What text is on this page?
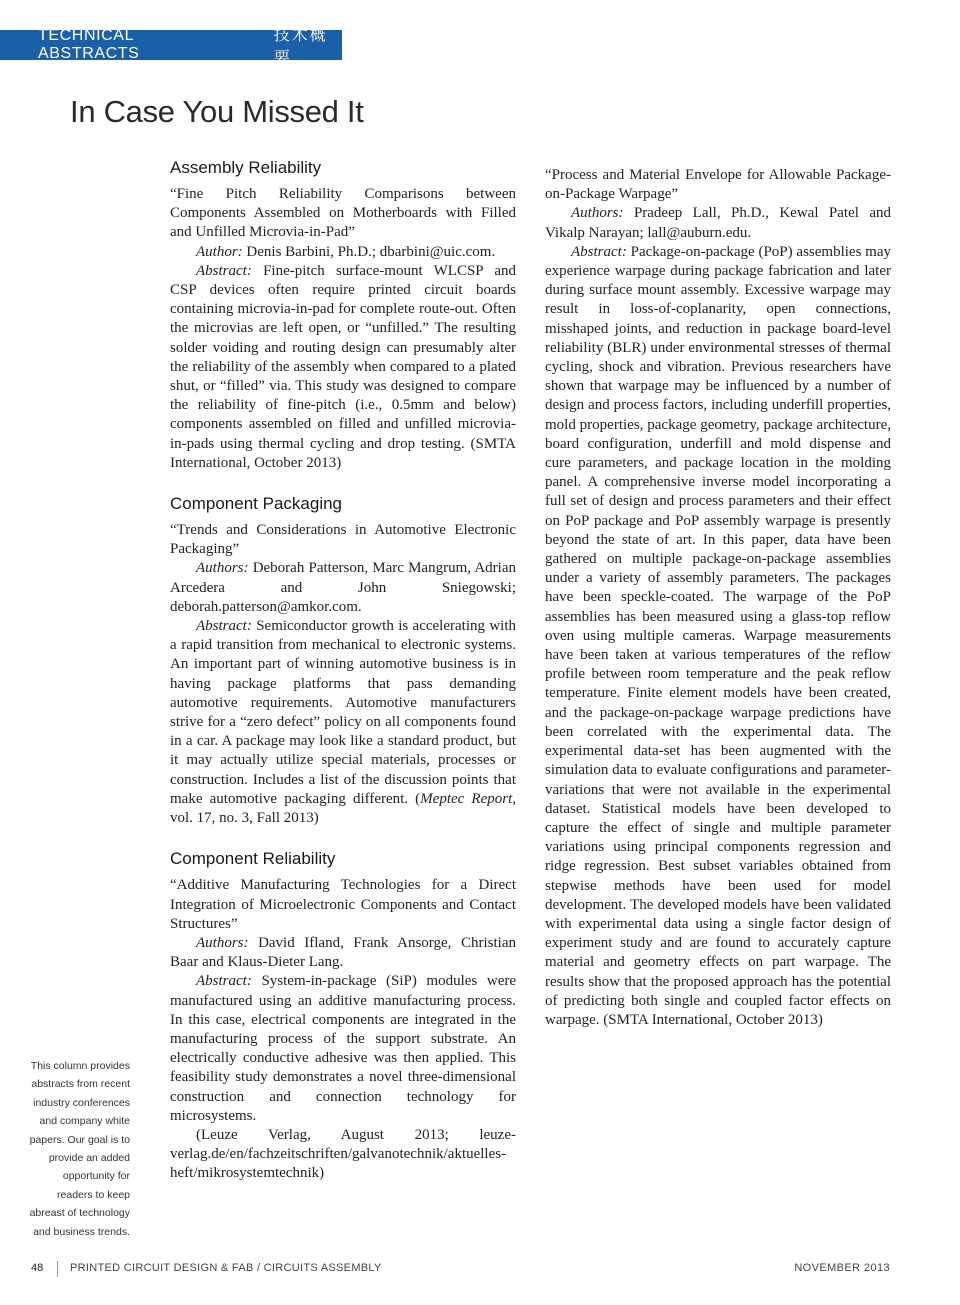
TECHNICAL ABSTRACTS
技术概要
In Case You Missed It
This column provides abstracts from recent industry conferences and company white papers. Our goal is to provide an added opportunity for readers to keep abreast of technology and business trends.
Assembly Reliability

“Fine Pitch Reliability Comparisons between Components Assembled on Motherboards with Filled and Unfilled Microvia-in-Pad”

Author: Denis Barbini, Ph.D.; dbarbini@uic.com.

Abstract: Fine-pitch surface-mount WLCSP and CSP devices often require printed circuit boards containing microvia-in-pad for complete route-out. Often the microvias are left open, or “unfilled.” The resulting solder voiding and routing design can presumably alter the reliability of the assembly when compared to a plated shut, or “filled” via. This study was designed to compare the reliability of fine-pitch (i.e., 0.5mm and below) components assembled on filled and unfilled microvia-in-pads using thermal cycling and drop testing. (SMTA International, October 2013)

Component Packaging

“Trends and Considerations in Automotive Electronic Packaging”

Authors: Deborah Patterson, Marc Mangrum, Adrian Arcedera and John Sniegowski; deborah.patterson@amkor.com.

Abstract: Semiconductor growth is accelerating with a rapid transition from mechanical to electronic systems. An important part of winning automotive business is in having package platforms that pass demanding automotive requirements. Automotive manufacturers strive for a “zero defect” policy on all components found in a car. A package may look like a standard product, but it may actually utilize special materials, processes or construction. Includes a list of the discussion points that make automotive packaging different. (Meptec Report, vol. 17, no. 3, Fall 2013)

Component Reliability

“Additive Manufacturing Technologies for a Direct Integration of Microelectronic Components and Contact Structures”

Authors: David Ifland, Frank Ansorge, Christian Baar and Klaus-Dieter Lang.

Abstract: System-in-package (SiP) modules were manufactured using an additive manufacturing process. In this case, electrical components are integrated in the manufacturing process of the support substrate. An electrically conductive adhesive was then applied. This feasibility study demonstrates a novel three-dimensional construction and connection technology for microsystems.

(Leuze Verlag, August 2013; leuze-verlag.de/en/fachzeitschriften/galvanotechnik/aktuelles-heft/mikrosystemtechnik)

“Process and Material Envelope for Allowable Package-on-Package Warpage”

Authors: Pradeep Lall, Ph.D., Kewal Patel and Vikalp Narayan; lall@auburn.edu.

Abstract: Package-on-package (PoP) assemblies may experience warpage during package fabrication and later during surface mount assembly. Excessive warpage may result in loss-of-coplanarity, open connections, misshaped joints, and reduction in package board-level reliability (BLR) under environmental stresses of thermal cycling, shock and vibration. Previous researchers have shown that warpage may be influenced by a number of design and process factors, including underfill properties, mold properties, package geometry, package architecture, board configuration, underfill and mold dispense and cure parameters, and package location in the molding panel. A comprehensive inverse model incorporating a full set of design and process parameters and their effect on PoP package and PoP assembly warpage is presently beyond the state of art. In this paper, data have been gathered on multiple package-on-package assemblies under a variety of assembly parameters. The packages have been speckle-coated. The warpage of the PoP assemblies has been measured using a glass-top reflow oven using multiple cameras. Warpage measurements have been taken at various temperatures of the reflow profile between room temperature and the peak reflow temperature. Finite element models have been created, and the package-on-package warpage predictions have been correlated with the experimental data. The experimental data-set has been augmented with the simulation data to evaluate configurations and parameter-variations that were not available in the experimental dataset. Statistical models have been developed to capture the effect of single and multiple parameter variations using principal components regression and ridge regression. Best subset variables obtained from stepwise methods have been used for model development. The developed models have been validated with experimental data using a single factor design of experiment study and are found to accurately capture material and geometry effects on part warpage. The results show that the proposed approach has the potential of predicting both single and coupled factor effects on warpage. (SMTA International, October 2013)

48 PRINTED CIRCUIT DESIGN & FAB / CIRCUITS ASSEMBLY	NOVEMBER 2013
